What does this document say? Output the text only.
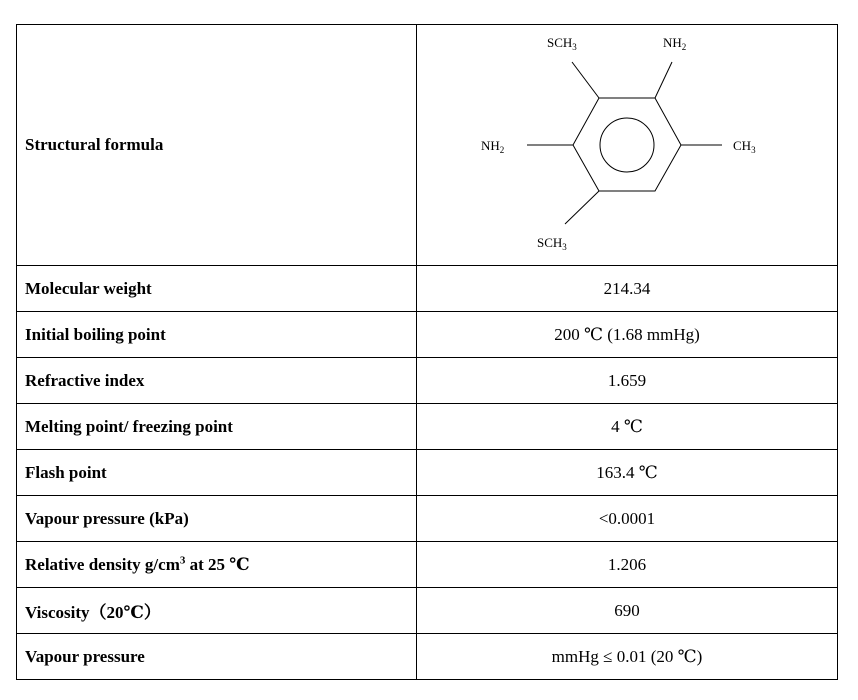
Structural formula	$SCH_3$ $NH_2$
$NH_2$ $CH_3$
$SCH_3$

Molecular weight	214.34
Initial boiling point	200 ℃ (1.68 mmHg)
Refractive index	1.659
Melting point/ freezing point	4 ℃
Flash point	163.4 ℃
Vapour pressure (kPa)	<0.0001
Relative density $g/cm^3$ at 25 ℃	1.206
Viscosity（20℃）	690
Vapour pressure	mmHg ≤ 0.01 (20 ℃)
